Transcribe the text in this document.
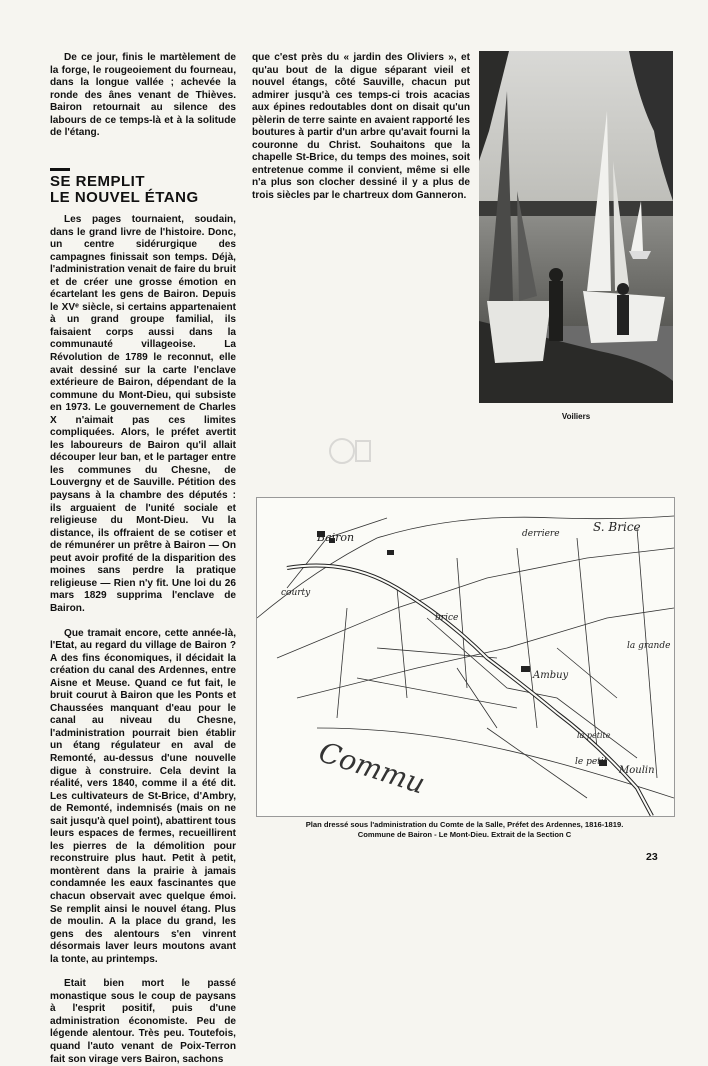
De ce jour, finis le martèlement de la forge, le rougeoiement du fourneau, dans la longue vallée ; achevée la ronde des ânes venant de Thièves. Bairon retournait au silence des labours de ce temps-là et à la solitude de l'étang.

SE REMPLIT
LE NOUVEL ÉTANG

Les pages tournaient, soudain, dans le grand livre de l'histoire. Donc, un centre sidérurgique des campagnes finissait son temps. Déjà, l'administration venait de faire du bruit et de créer une grosse émotion en écartelant les gens de Bairon. Depuis le XVᵉ siècle, si certains appartenaient à un grand groupe familial, ils faisaient corps aussi dans la communauté villageoise. La Révolution de 1789 le reconnut, elle avait dessiné sur la carte l'enclave extérieure de Bairon, dépendant de la commune du Mont-Dieu, qui subsiste en 1973. Le gouvernement de Charles X n'aimait pas ces limites compliquées. Alors, le préfet avertit les laboureurs de Bairon qu'il allait découper leur ban, et le partager entre les communes du Chesne, de Louvergny et de Sauville. Pétition des paysans à la chambre des députés : ils arguaient de l'unité sociale et religieuse du Mont-Dieu. Vu la distance, ils offraient de se cotiser et de rémunérer un prêtre à Bairon — On peut avoir profité de la disparition des moines sans perdre la pratique religieuse — Rien n'y fit. Une loi du 26 mars 1829 supprima l'enclave de Bairon.

Que tramait encore, cette année-là, l'Etat, au regard du village de Bairon ? A des fins économiques, il décidait la création du canal des Ardennes, entre Aisne et Meuse. Quand ce fut fait, le bruit courut à Bairon que les Ponts et Chaussées manquant d'eau pour le canal au niveau du Chesne, l'administration pourrait bien établir un étang régulateur en aval de Remonté, au-dessus d'une nouvelle digue à construire. Cela devint la réalité, vers 1840, comme il a été dit. Les cultivateurs de St-Brice, d'Ambry, de Remonté, indemnisés (mais on ne sait jusqu'à quel point), abattirent tous leurs espaces de fermes, recueillirent les pierres de la démolition pour reconstruire plus haut. Petit à petit, montèrent dans la prairie à jamais condamnée les eaux fascinantes que chacun observait avec quelque émoi. Se remplit ainsi le nouvel étang. Plus de moulin. A la place du grand, les gens des alentours s'en vinrent désormais laver leurs moutons avant la tonte, au printemps.

Etait bien mort le passé monastique sous le coup de paysans à l'esprit positif, puis d'une administration économiste. Peu de légende alentour. Très peu. Toutefois, quand l'auto venant de Poix-Terron fait son virage vers Bairon, sachons

que c'est près du « jardin des Oliviers », et qu'au bout de la digue séparant vieil et nouvel étangs, côté Sauville, chacun put admirer jusqu'à ces temps-ci trois acacias aux épines redoutables dont on disait qu'un pèlerin de terre sainte en avaient rapporté les boutures à partir d'un arbre qu'avait fourni la couronne du Christ. Souhaitons que la chapelle St-Brice, du temps des moines, soit entretenue comme il convient, même si elle n'a plus son clocher dessiné il y a plus de trois siècles par le chartreux dom Ganneron.

Voiliers
Bairon
S. Brice
derriere
courty
brice
Ambuy
la grande
la petite
le petit
Moulin
Commu
Plan dressé sous l'administration du Comte de la Salle, Préfet des Ardennes, 1816-1819.
Commune de Bairon - Le Mont-Dieu. Extrait de la Section C
23
